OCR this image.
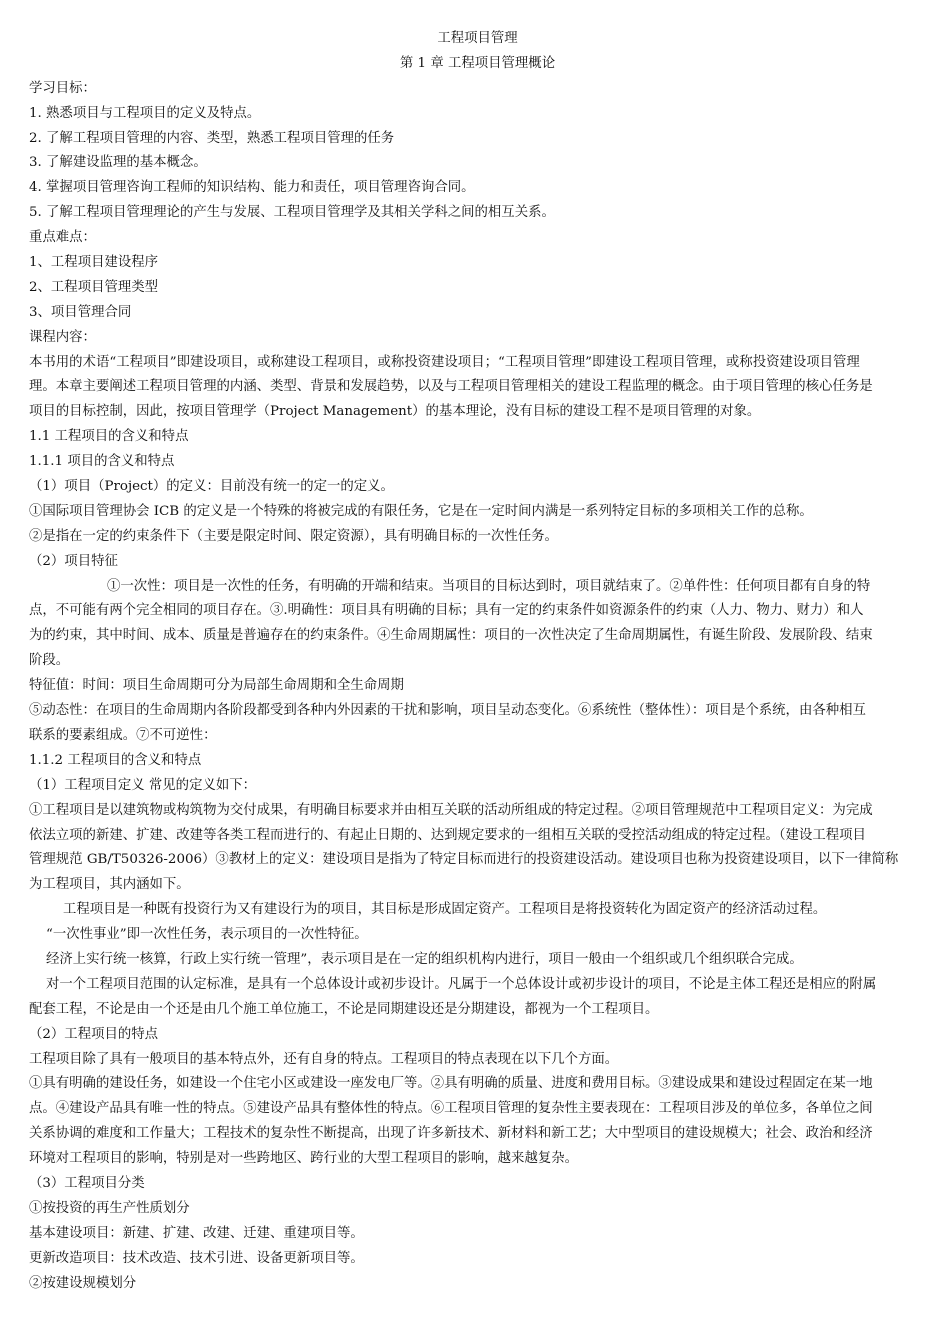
工程项目管理
第 1 章 工程项目管理概论
学习目标：
1. 熟悉项目与工程项目的定义及特点。
2. 了解工程项目管理的内容、类型，熟悉工程项目管理的任务
3. 了解建设监理的基本概念。
4. 掌握项目管理咨询工程师的知识结构、能力和责任，项目管理咨询合同。
5. 了解工程项目管理理论的产生与发展、工程项目管理学及其相关学科之间的相互关系。
重点难点：
1、工程项目建设程序
2、工程项目管理类型
3、项目管理合同
课程内容：
本书用的术语“工程项目”即建设项目，或称建设工程项目，或称投资建设项目；“工程项目管理”即建设工程项目管理，或称投资建设项目管理
理。本章主要阐述工程项目管理的内涵、类型、背景和发展趋势，以及与工程项目管理相关的建设工程监理的概念。由于项目管理的核心任务是
项目的目标控制，因此，按项目管理学（Project Management）的基本理论，没有目标的建设工程不是项目管理的对象。
1.1 工程项目的含义和特点
1.1.1 项目的含义和特点
（1）项目（Project）的定义：目前没有统一的定一的定义。
①国际项目管理协会 ICB 的定义是一个特殊的将被完成的有限任务，它是在一定时间内满是一系列特定目标的多项相关工作的总称。
②是指在一定的约束条件下（主要是限定时间、限定资源），具有明确目标的一次性任务。
（2）项目特征
①一次性：项目是一次性的任务，有明确的开端和结束。当项目的目标达到时，项目就结束了。②单件性：任何项目都有自身的特
点，不可能有两个完全相同的项目存在。③.明确性：项目具有明确的目标；具有一定的约束条件如资源条件的约束（人力、物力、财力）和人
为的约束，其中时间、成本、质量是普遍存在的约束条件。④生命周期属性：项目的一次性决定了生命周期属性，有诞生阶段、发展阶段、结束
阶段。
特征值：时间：项目生命周期可分为局部生命周期和全生命周期
⑤动态性：在项目的生命周期内各阶段都受到各种内外因素的干扰和影响，项目呈动态变化。⑥系统性（整体性）：项目是个系统，由各种相互
联系的要素组成。⑦不可逆性：
1.1.2 工程项目的含义和特点
（1）工程项目定义 常见的定义如下：
①工程项目是以建筑物或构筑物为交付成果，有明确目标要求并由相互关联的活动所组成的特定过程。②项目管理规范中工程项目定义：为完成
依法立项的新建、扩建、改建等各类工程而进行的、有起止日期的、达到规定要求的一组相互关联的受控活动组成的特定过程。（建设工程项目
管理规范 GB/T50326-2006）③教材上的定义：建设项目是指为了特定目标而进行的投资建设活动。建设项目也称为投资建设项目，以下一律简称
为工程项目，其内涵如下。
工程项目是一种既有投资行为又有建设行为的项目，其目标是形成固定资产。工程项目是将投资转化为固定资产的经济活动过程。
“一次性事业”即一次性任务，表示项目的一次性特征。
经济上实行统一核算，行政上实行统一管理”，表示项目是在一定的组织机构内进行，项目一般由一个组织或几个组织联合完成。
对一个工程项目范围的认定标准，是具有一个总体设计或初步设计。凡属于一个总体设计或初步设计的项目，不论是主体工程还是相应的附属
配套工程，不论是由一个还是由几个施工单位施工，不论是同期建设还是分期建设，都视为一个工程项目。
（2）工程项目的特点
工程项目除了具有一般项目的基本特点外，还有自身的特点。工程项目的特点表现在以下几个方面。
①具有明确的建设任务，如建设一个住宅小区或建设一座发电厂等。②具有明确的质量、进度和费用目标。③建设成果和建设过程固定在某一地
点。④建设产品具有唯一性的特点。⑤建设产品具有整体性的特点。⑥工程项目管理的复杂性主要表现在：工程项目涉及的单位多，各单位之间
关系协调的难度和工作量大；工程技术的复杂性不断提高，出现了许多新技术、新材料和新工艺；大中型项目的建设规模大；社会、政治和经济
环境对工程项目的影响，特别是对一些跨地区、跨行业的大型工程项目的影响，越来越复杂。
（3）工程项目分类
①按投资的再生产性质划分
基本建设项目：新建、扩建、改建、迁建、重建项目等。
更新改造项目：技术改造、技术引进、设备更新项目等。
②按建设规模划分
